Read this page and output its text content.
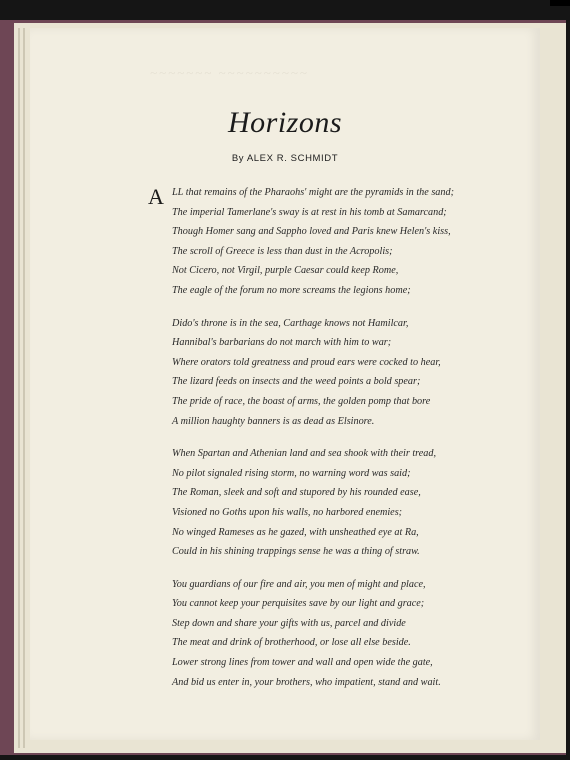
~~~~~~~ ~~~~~~~~~~
Horizons
By ALEX R. SCHMIDT
A LL that remains of the Pharaohs' might are the pyramids in the sand;
The imperial Tamerlane's sway is at rest in his tomb at Samarcand;
Though Homer sang and Sappho loved and Paris knew Helen's kiss,
The scroll of Greece is less than dust in the Acropolis;
Not Cicero, not Virgil, purple Caesar could keep Rome,
The eagle of the forum no more screams the legions home;
Dido's throne is in the sea, Carthage knows not Hamilcar,
Hannibal's barbarians do not march with him to war;
Where orators told greatness and proud ears were cocked to hear,
The lizard feeds on insects and the weed points a bold spear;
The pride of race, the boast of arms, the golden pomp that bore
A million haughty banners is as dead as Elsinore.
When Spartan and Athenian land and sea shook with their tread,
No pilot signaled rising storm, no warning word was said;
The Roman, sleek and soft and stupored by his rounded ease,
Visioned no Goths upon his walls, no harbored enemies;
No winged Rameses as he gazed, with unsheathed eye at Ra,
Could in his shining trappings sense he was a thing of straw.
You guardians of our fire and air, you men of might and place,
You cannot keep your perquisites save by our light and grace;
Step down and share your gifts with us, parcel and divide
The meat and drink of brotherhood, or lose all else beside.
Lower strong lines from tower and wall and open wide the gate,
And bid us enter in, your brothers, who impatient, stand and wait.
